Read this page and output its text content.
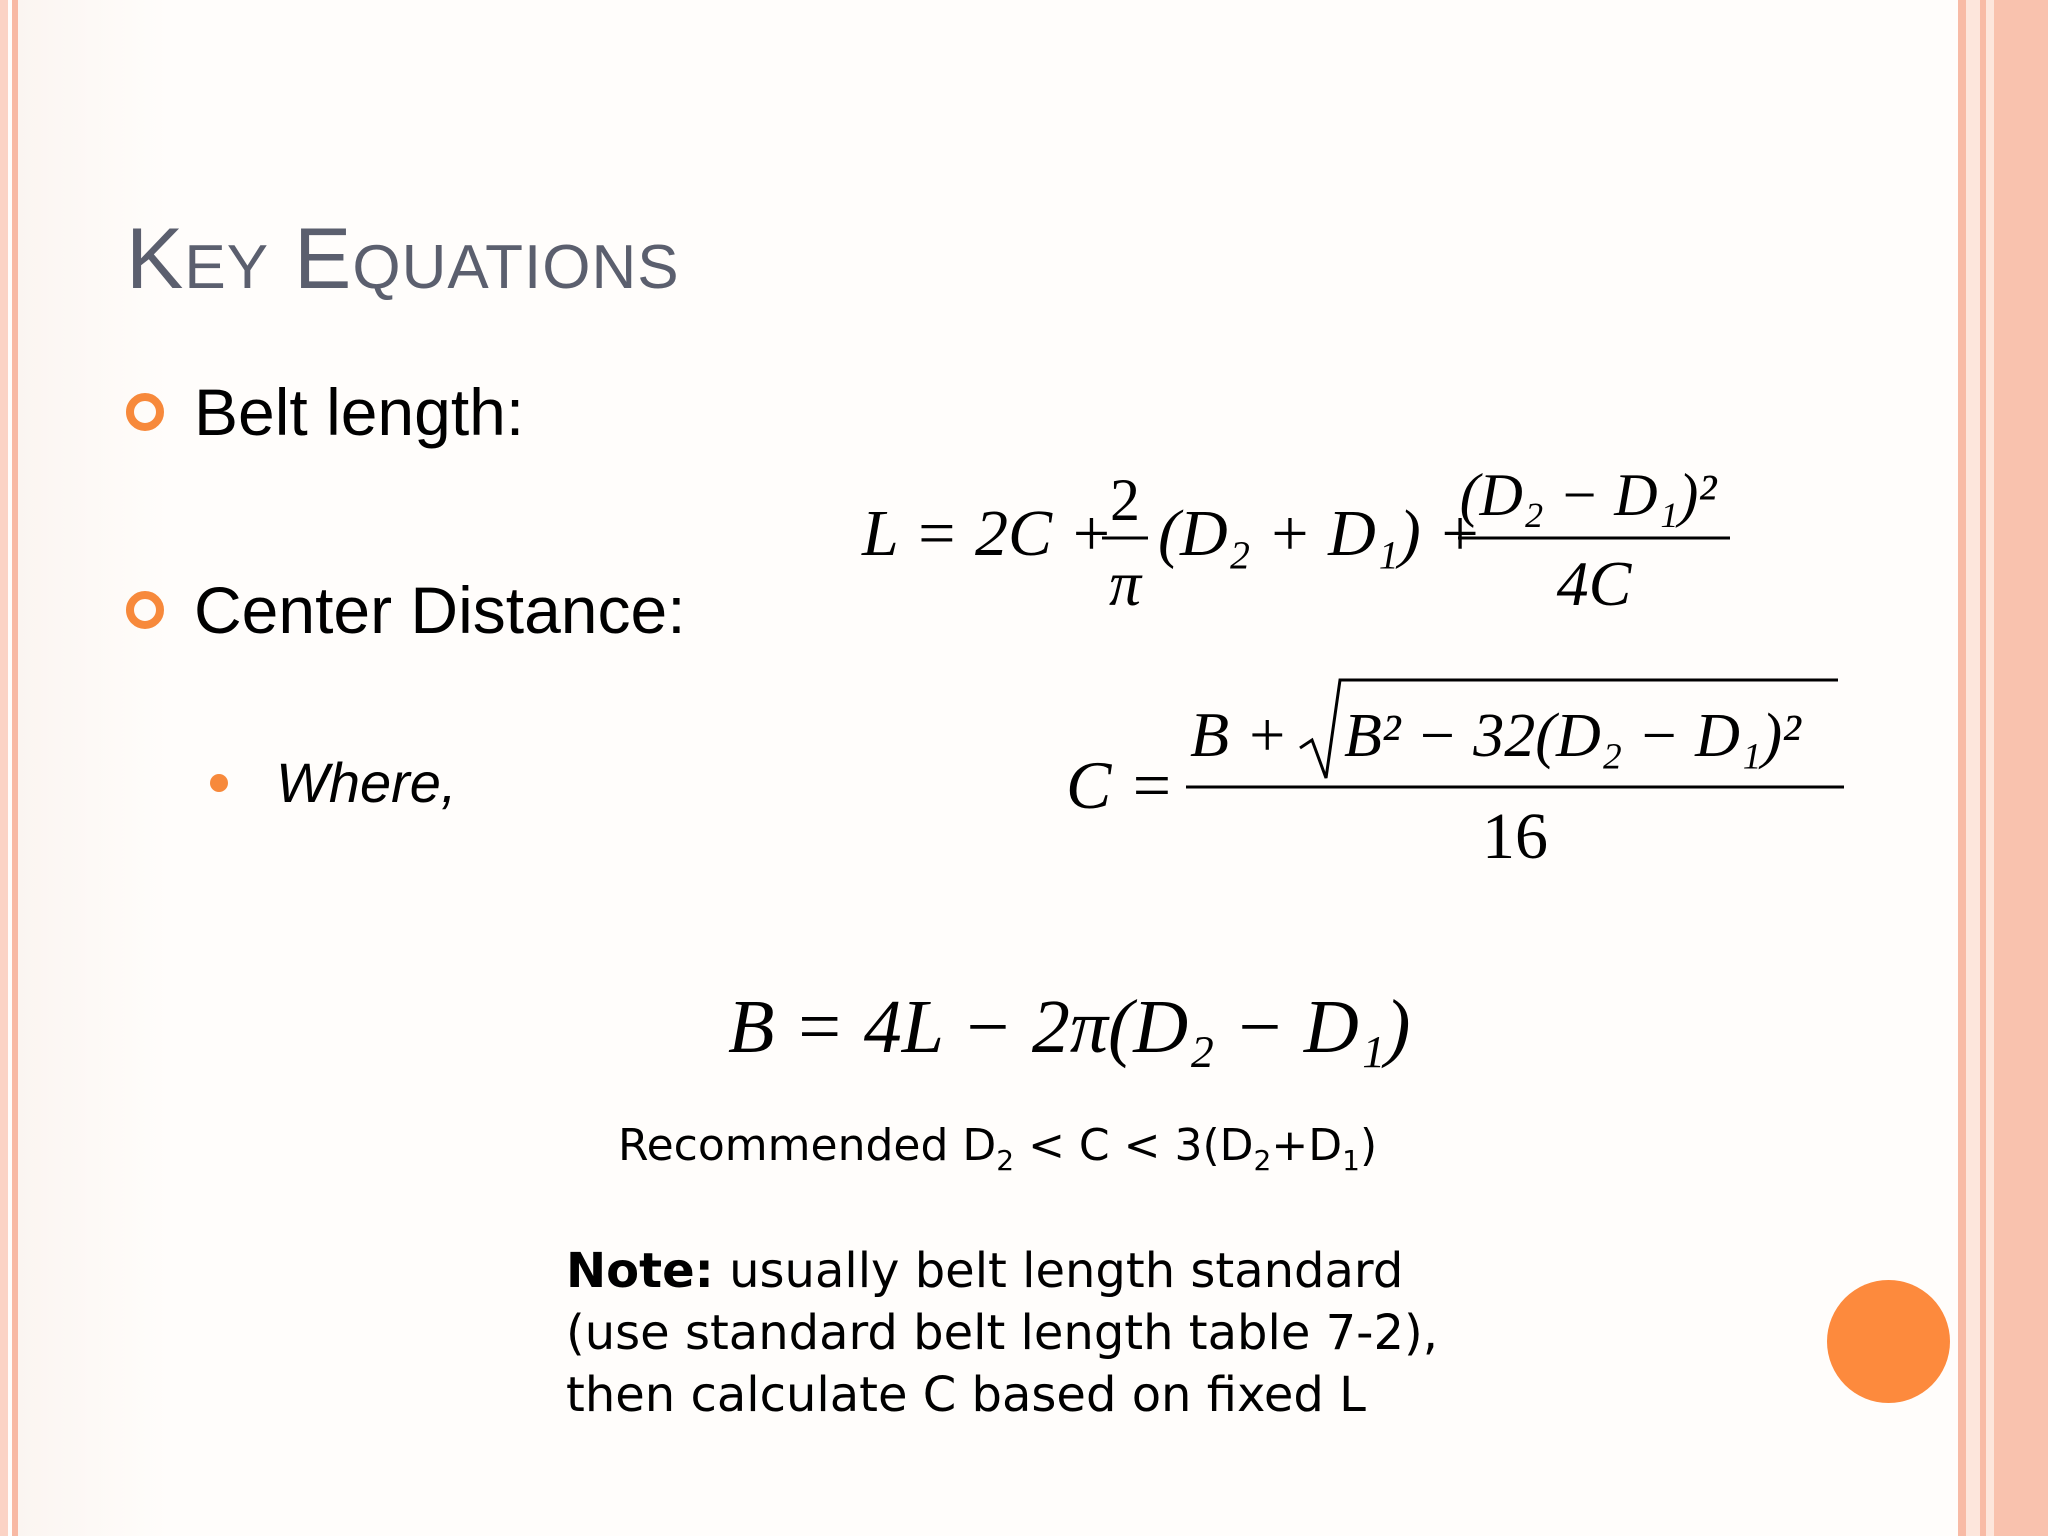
KEY EQUATIONS
Belt length:
Center Distance:
Where,
L = 2C +
2
π
(D₂ + D₁) +
(D₂ − D₁)²
4C
C =
B + B² − 32(D₂ − D₁)²
16
B = 4L − 2π(D₂ − D₁)
Recommended $D_2 < C < 3(D_2+D_1)$
Note: usually belt length standard
(use standard belt length table 7-2),
then calculate C based on fixed L
